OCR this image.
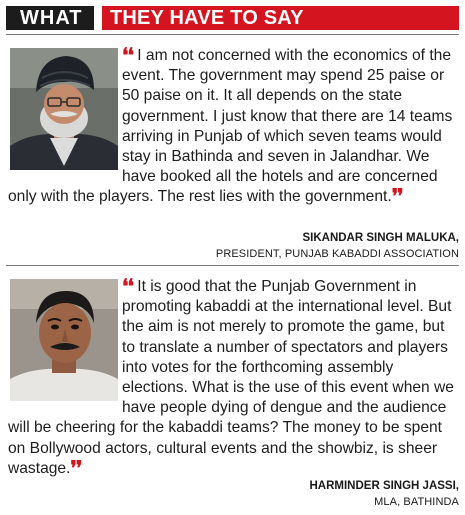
WHAT	THEY HAVE TO SAY
❛❛ I am not concerned with the economics of the event. The government may spend 25 paise or 50 paise on it. It all depends on the state government. I just know that there are 14 teams arriving in Punjab of which seven teams would stay in Bathinda and seven in Jalandhar. We have booked all the hotels and are concerned only with the players. The rest lies with the government.❜❜
SIKANDAR SINGH MALUKA,
PRESIDENT, PUNJAB KABADDI ASSOCIATION
❛❛ It is good that the Punjab Government in promoting kabaddi at the international level. But the aim is not merely to promote the game, but to translate a number of spectators and players into votes for the forthcoming assembly elections. What is the use of this event when we have people dying of dengue and the audience will be cheering for the kabaddi teams? The money to be spent on Bollywood actors, cultural events and the showbiz, is sheer wastage.❜❜
HARMINDER SINGH JASSI,
MLA, BATHINDA
